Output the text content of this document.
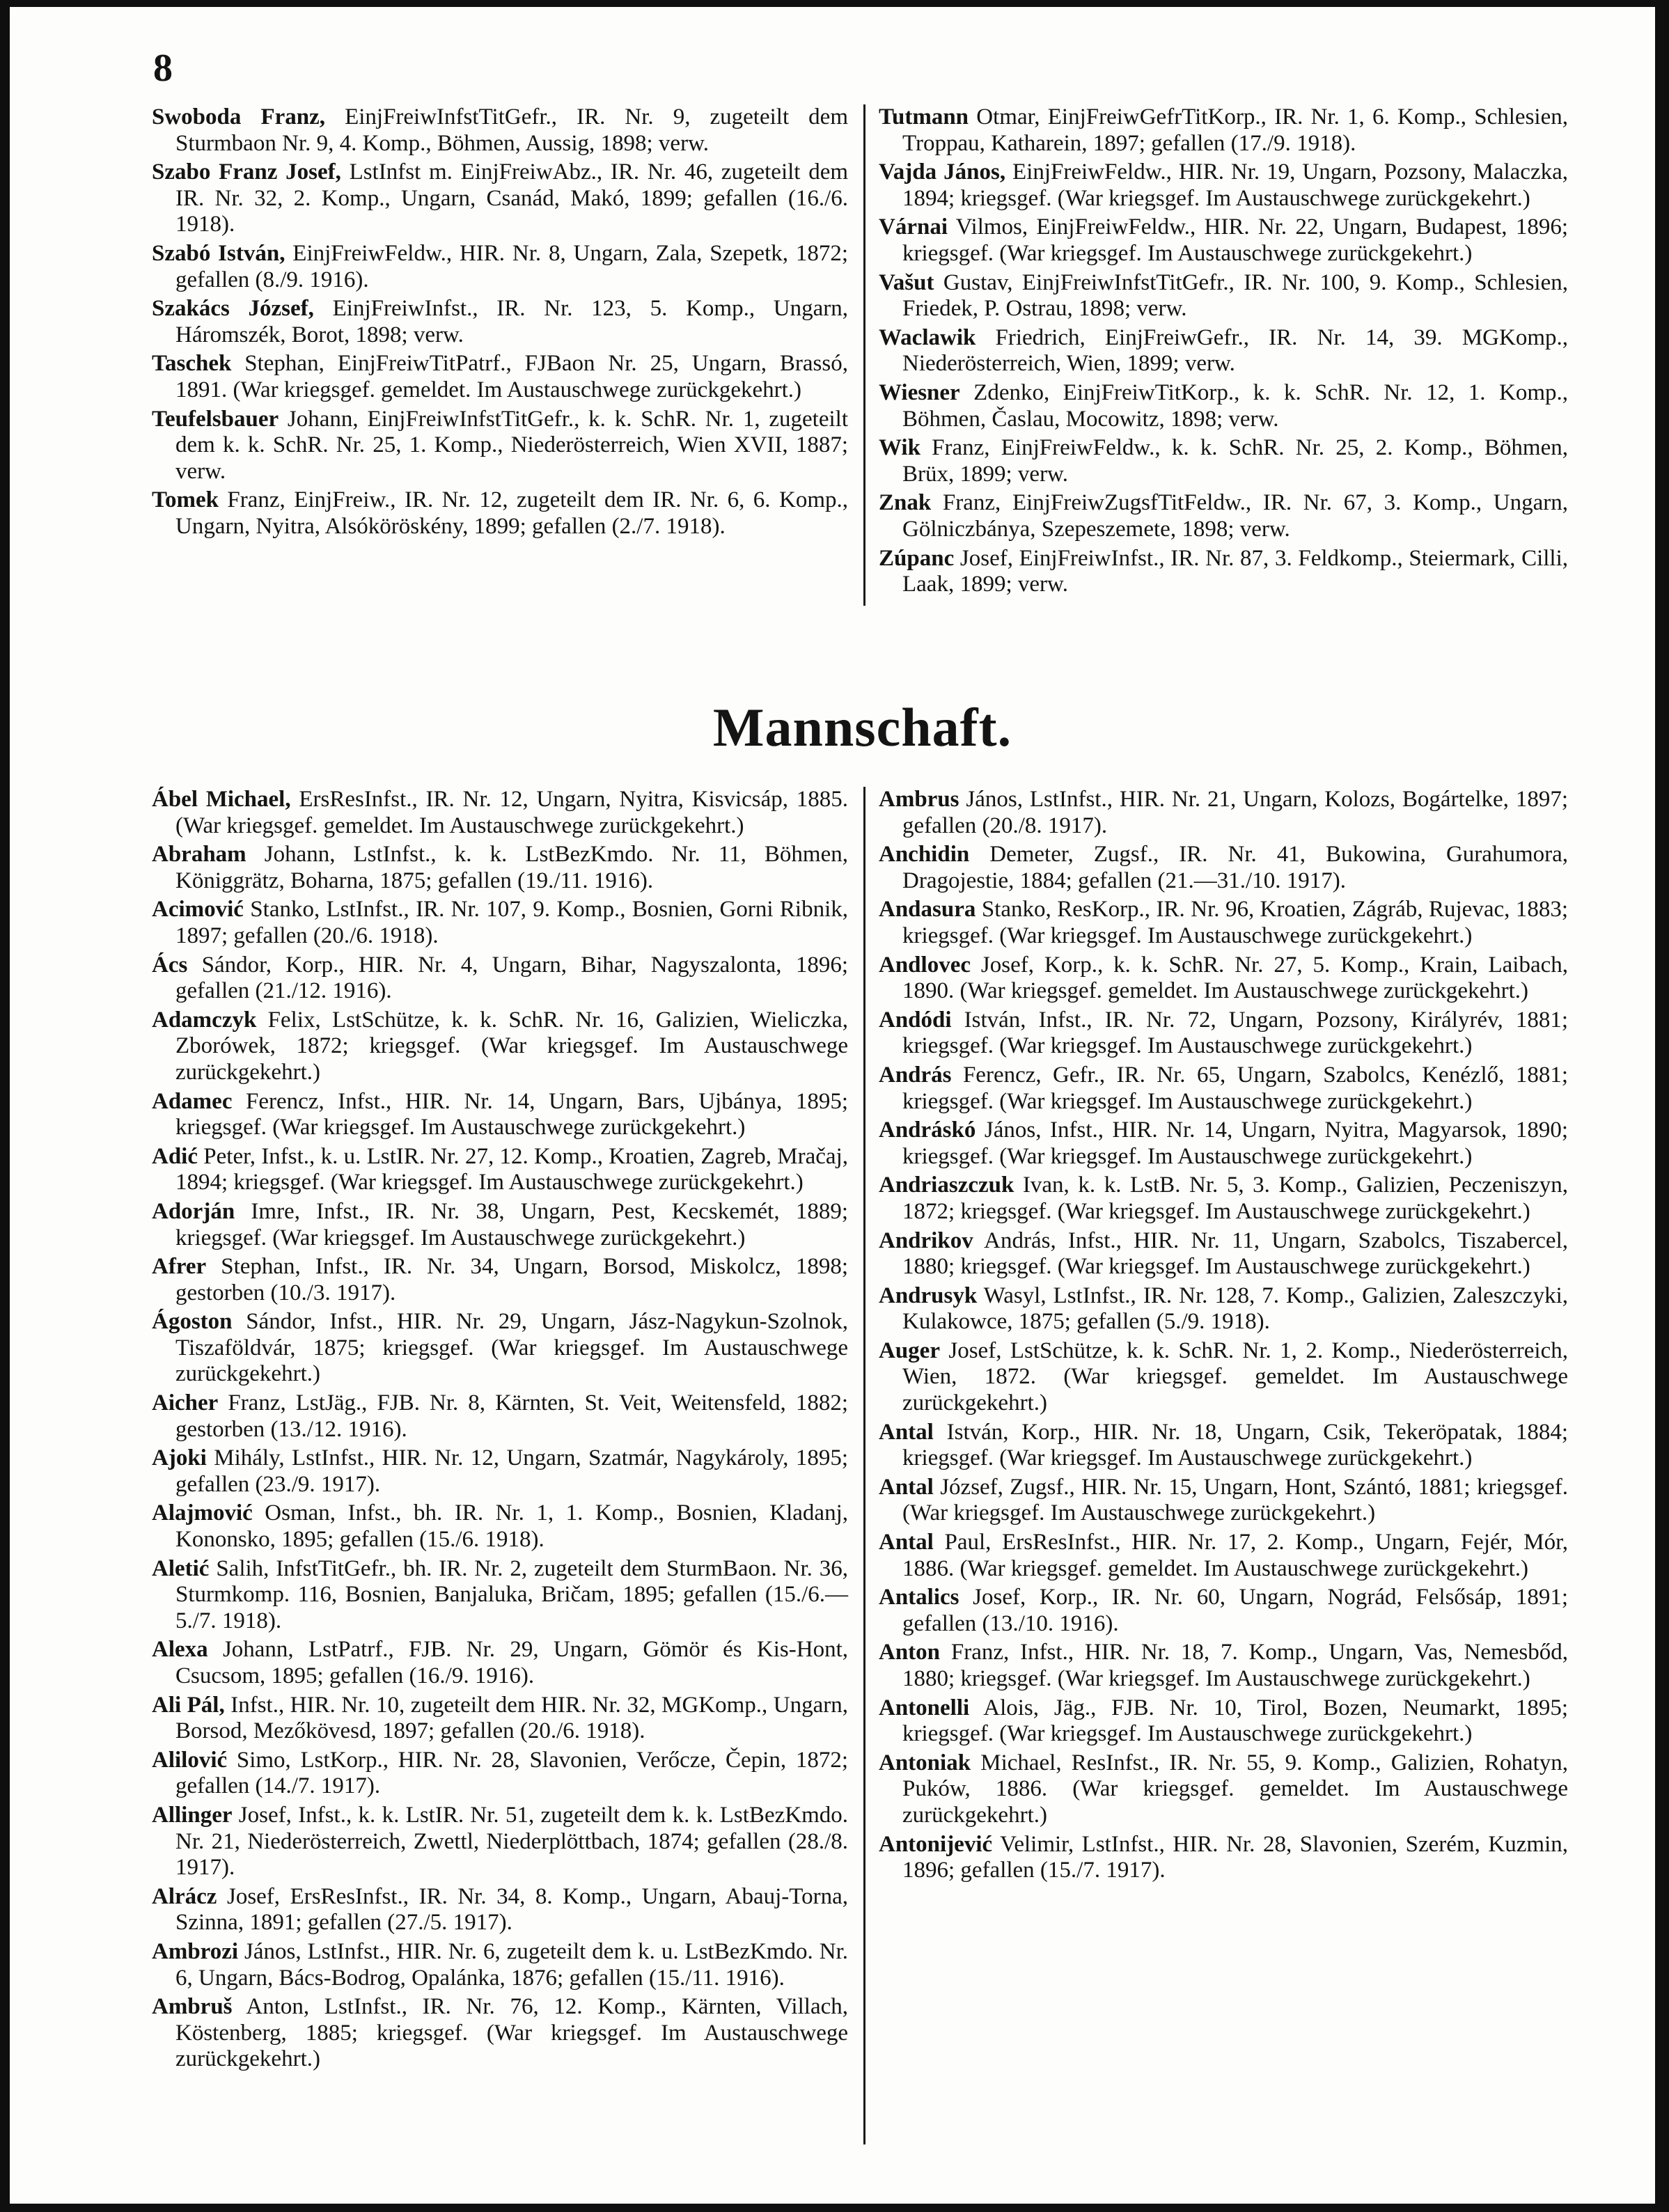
8

Swoboda Franz, EinjFreiwInfstTitGefr., IR. Nr. 9, zugeteilt dem Sturmbaon Nr. 9, 4. Komp., Böhmen, Aussig, 1898; verw.

Szabo Franz Josef, LstInfst m. EinjFreiwAbz., IR. Nr. 46, zugeteilt dem IR. Nr. 32, 2. Komp., Ungarn, Csanád, Makó, 1899; gefallen (16./6. 1918).

Szabó István, EinjFreiwFeldw., HIR. Nr. 8, Ungarn, Zala, Szepetk, 1872; gefallen (8./9. 1916).

Szakács József, EinjFreiwInfst., IR. Nr. 123, 5. Komp., Ungarn, Háromszék, Borot, 1898; verw.

Taschek Stephan, EinjFreiwTitPatrf., FJBaon Nr. 25, Ungarn, Brassó, 1891. (War kriegsgef. gemeldet. Im Austauschwege zurückgekehrt.)

Teufelsbauer Johann, EinjFreiwInfstTitGefr., k. k. SchR. Nr. 1, zugeteilt dem k. k. SchR. Nr. 25, 1. Komp., Niederösterreich, Wien XVII, 1887; verw.

Tomek Franz, EinjFreiw., IR. Nr. 12, zugeteilt dem IR. Nr. 6, 6. Komp., Ungarn, Nyitra, Alsóköröskény, 1899; gefallen (2./7. 1918).

Tutmann Otmar, EinjFreiwGefrTitKorp., IR. Nr. 1, 6. Komp., Schlesien, Troppau, Katharein, 1897; gefallen (17./9. 1918).

Vajda János, EinjFreiwFeldw., HIR. Nr. 19, Ungarn, Pozsony, Malaczka, 1894; kriegsgef. (War kriegsgef. Im Austauschwege zurückgekehrt.)

Várnai Vilmos, EinjFreiwFeldw., HIR. Nr. 22, Ungarn, Budapest, 1896; kriegsgef. (War kriegsgef. Im Austauschwege zurückgekehrt.)

Vašut Gustav, EinjFreiwInfstTitGefr., IR. Nr. 100, 9. Komp., Schlesien, Friedek, P. Ostrau, 1898; verw.

Waclawik Friedrich, EinjFreiwGefr., IR. Nr. 14, 39. MGKomp., Niederösterreich, Wien, 1899; verw.

Wiesner Zdenko, EinjFreiwTitKorp., k. k. SchR. Nr. 12, 1. Komp., Böhmen, Časlau, Mocowitz, 1898; verw.

Wik Franz, EinjFreiwFeldw., k. k. SchR. Nr. 25, 2. Komp., Böhmen, Brüx, 1899; verw.

Znak Franz, EinjFreiwZugsfTitFeldw., IR. Nr. 67, 3. Komp., Ungarn, Gölniczbánya, Szepeszemete, 1898; verw.

Zúpanc Josef, EinjFreiwInfst., IR. Nr. 87, 3. Feldkomp., Steiermark, Cilli, Laak, 1899; verw.

Mannschaft.

Ábel Michael, ErsResInfst., IR. Nr. 12, Ungarn, Nyitra, Kisvicsáp, 1885. (War kriegsgef. gemeldet. Im Austauschwege zurückgekehrt.)

Abraham Johann, LstInfst., k. k. LstBezKmdo. Nr. 11, Böhmen, Königgrätz, Boharna, 1875; gefallen (19./11. 1916).

Acimović Stanko, LstInfst., IR. Nr. 107, 9. Komp., Bosnien, Gorni Ribnik, 1897; gefallen (20./6. 1918).

Ács Sándor, Korp., HIR. Nr. 4, Ungarn, Bihar, Nagyszalonta, 1896; gefallen (21./12. 1916).

Adamczyk Felix, LstSchütze, k. k. SchR. Nr. 16, Galizien, Wieliczka, Zborówek, 1872; kriegsgef. (War kriegsgef. Im Austauschwege zurückgekehrt.)

Adamec Ferencz, Infst., HIR. Nr. 14, Ungarn, Bars, Ujbánya, 1895; kriegsgef. (War kriegsgef. Im Austauschwege zurückgekehrt.)

Adić Peter, Infst., k. u. LstIR. Nr. 27, 12. Komp., Kroatien, Zagreb, Mračaj, 1894; kriegsgef. (War kriegsgef. Im Austauschwege zurückgekehrt.)

Adorján Imre, Infst., IR. Nr. 38, Ungarn, Pest, Kecskemét, 1889; kriegsgef. (War kriegsgef. Im Austauschwege zurückgekehrt.)

Afrer Stephan, Infst., IR. Nr. 34, Ungarn, Borsod, Miskolcz, 1898; gestorben (10./3. 1917).

Ágoston Sándor, Infst., HIR. Nr. 29, Ungarn, Jász-Nagykun-Szolnok, Tiszaföldvár, 1875; kriegsgef. (War kriegsgef. Im Austauschwege zurückgekehrt.)

Aicher Franz, LstJäg., FJB. Nr. 8, Kärnten, St. Veit, Weitensfeld, 1882; gestorben (13./12. 1916).

Ajoki Mihály, LstInfst., HIR. Nr. 12, Ungarn, Szatmár, Nagykároly, 1895; gefallen (23./9. 1917).

Alajmović Osman, Infst., bh. IR. Nr. 1, 1. Komp., Bosnien, Kladanj, Kononsko, 1895; gefallen (15./6. 1918).

Aletić Salih, InfstTitGefr., bh. IR. Nr. 2, zugeteilt dem SturmBaon. Nr. 36, Sturmkomp. 116, Bosnien, Banjaluka, Bričam, 1895; gefallen (15./6.—5./7. 1918).

Alexa Johann, LstPatrf., FJB. Nr. 29, Ungarn, Gömör és Kis-Hont, Csucsom, 1895; gefallen (16./9. 1916).

Ali Pál, Infst., HIR. Nr. 10, zugeteilt dem HIR. Nr. 32, MGKomp., Ungarn, Borsod, Mezőkövesd, 1897; gefallen (20./6. 1918).

Alilović Simo, LstKorp., HIR. Nr. 28, Slavonien, Verőcze, Čepin, 1872; gefallen (14./7. 1917).

Allinger Josef, Infst., k. k. LstIR. Nr. 51, zugeteilt dem k. k. LstBezKmdo. Nr. 21, Niederösterreich, Zwettl, Niederplöttbach, 1874; gefallen (28./8. 1917).

Alrácz Josef, ErsResInfst., IR. Nr. 34, 8. Komp., Ungarn, Abauj-Torna, Szinna, 1891; gefallen (27./5. 1917).

Ambrozi János, LstInfst., HIR. Nr. 6, zugeteilt dem k. u. LstBezKmdo. Nr. 6, Ungarn, Bács-Bodrog, Opalánka, 1876; gefallen (15./11. 1916).

Ambruš Anton, LstInfst., IR. Nr. 76, 12. Komp., Kärnten, Villach, Köstenberg, 1885; kriegsgef. (War kriegsgef. Im Austauschwege zurückgekehrt.)

Ambrus János, LstInfst., HIR. Nr. 21, Ungarn, Kolozs, Bogártelke, 1897; gefallen (20./8. 1917).

Anchidin Demeter, Zugsf., IR. Nr. 41, Bukowina, Gurahumora, Dragojestie, 1884; gefallen (21.—31./10. 1917).

Andasura Stanko, ResKorp., IR. Nr. 96, Kroatien, Zágráb, Rujevac, 1883; kriegsgef. (War kriegsgef. Im Austauschwege zurückgekehrt.)

Andlovec Josef, Korp., k. k. SchR. Nr. 27, 5. Komp., Krain, Laibach, 1890. (War kriegsgef. gemeldet. Im Austauschwege zurückgekehrt.)

Andódi István, Infst., IR. Nr. 72, Ungarn, Pozsony, Királyrév, 1881; kriegsgef. (War kriegsgef. Im Austauschwege zurückgekehrt.)

András Ferencz, Gefr., IR. Nr. 65, Ungarn, Szabolcs, Kenézlő, 1881; kriegsgef. (War kriegsgef. Im Austauschwege zurückgekehrt.)

Andráskó János, Infst., HIR. Nr. 14, Ungarn, Nyitra, Magyarsok, 1890; kriegsgef. (War kriegsgef. Im Austauschwege zurückgekehrt.)

Andriaszczuk Ivan, k. k. LstB. Nr. 5, 3. Komp., Galizien, Peczeniszyn, 1872; kriegsgef. (War kriegsgef. Im Austauschwege zurückgekehrt.)

Andrikov András, Infst., HIR. Nr. 11, Ungarn, Szabolcs, Tiszabercel, 1880; kriegsgef. (War kriegsgef. Im Austauschwege zurückgekehrt.)

Andrusyk Wasyl, LstInfst., IR. Nr. 128, 7. Komp., Galizien, Zaleszczyki, Kulakowce, 1875; gefallen (5./9. 1918).

Auger Josef, LstSchütze, k. k. SchR. Nr. 1, 2. Komp., Niederösterreich, Wien, 1872. (War kriegsgef. gemeldet. Im Austauschwege zurückgekehrt.)

Antal István, Korp., HIR. Nr. 18, Ungarn, Csik, Tekeröpatak, 1884; kriegsgef. (War kriegsgef. Im Austauschwege zurückgekehrt.)

Antal József, Zugsf., HIR. Nr. 15, Ungarn, Hont, Szántó, 1881; kriegsgef. (War kriegsgef. Im Austauschwege zurückgekehrt.)

Antal Paul, ErsResInfst., HIR. Nr. 17, 2. Komp., Ungarn, Fejér, Mór, 1886. (War kriegsgef. gemeldet. Im Austauschwege zurückgekehrt.)

Antalics Josef, Korp., IR. Nr. 60, Ungarn, Nográd, Felsősáp, 1891; gefallen (13./10. 1916).

Anton Franz, Infst., HIR. Nr. 18, 7. Komp., Ungarn, Vas, Nemesbőd, 1880; kriegsgef. (War kriegsgef. Im Austauschwege zurückgekehrt.)

Antonelli Alois, Jäg., FJB. Nr. 10, Tirol, Bozen, Neumarkt, 1895; kriegsgef. (War kriegsgef. Im Austauschwege zurückgekehrt.)

Antoniak Michael, ResInfst., IR. Nr. 55, 9. Komp., Galizien, Rohatyn, Puków, 1886. (War kriegsgef. gemeldet. Im Austauschwege zurückgekehrt.)

Antonijević Velimir, LstInfst., HIR. Nr. 28, Slavonien, Szerém, Kuzmin, 1896; gefallen (15./7. 1917).
